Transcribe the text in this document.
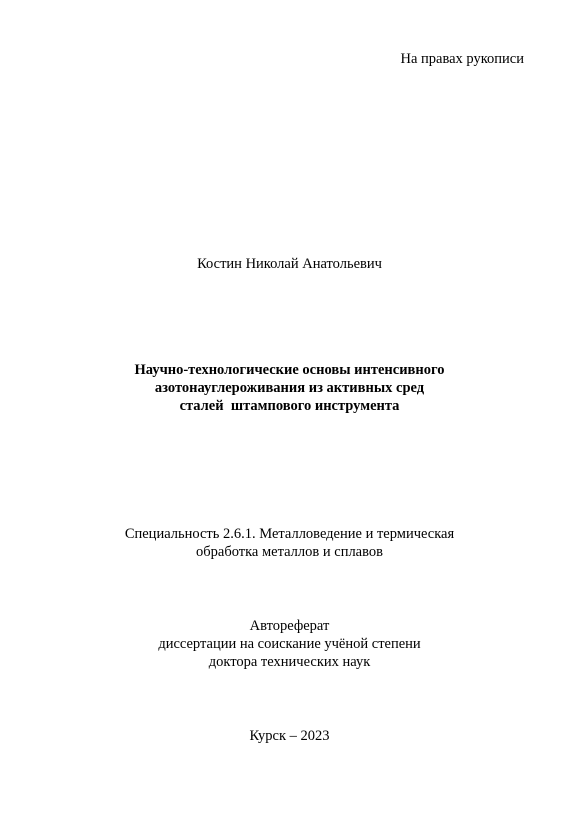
На правах рукописи
Костин Николай Анатольевич
Научно-технологические основы интенсивного
азотонауглероживания из активных сред
сталей  штампового инструмента
Специальность 2.6.1. Металловедение и термическая
обработка металлов и сплавов
Автореферат
диссертации на соискание учёной степени
доктора технических наук
Курск – 2023
